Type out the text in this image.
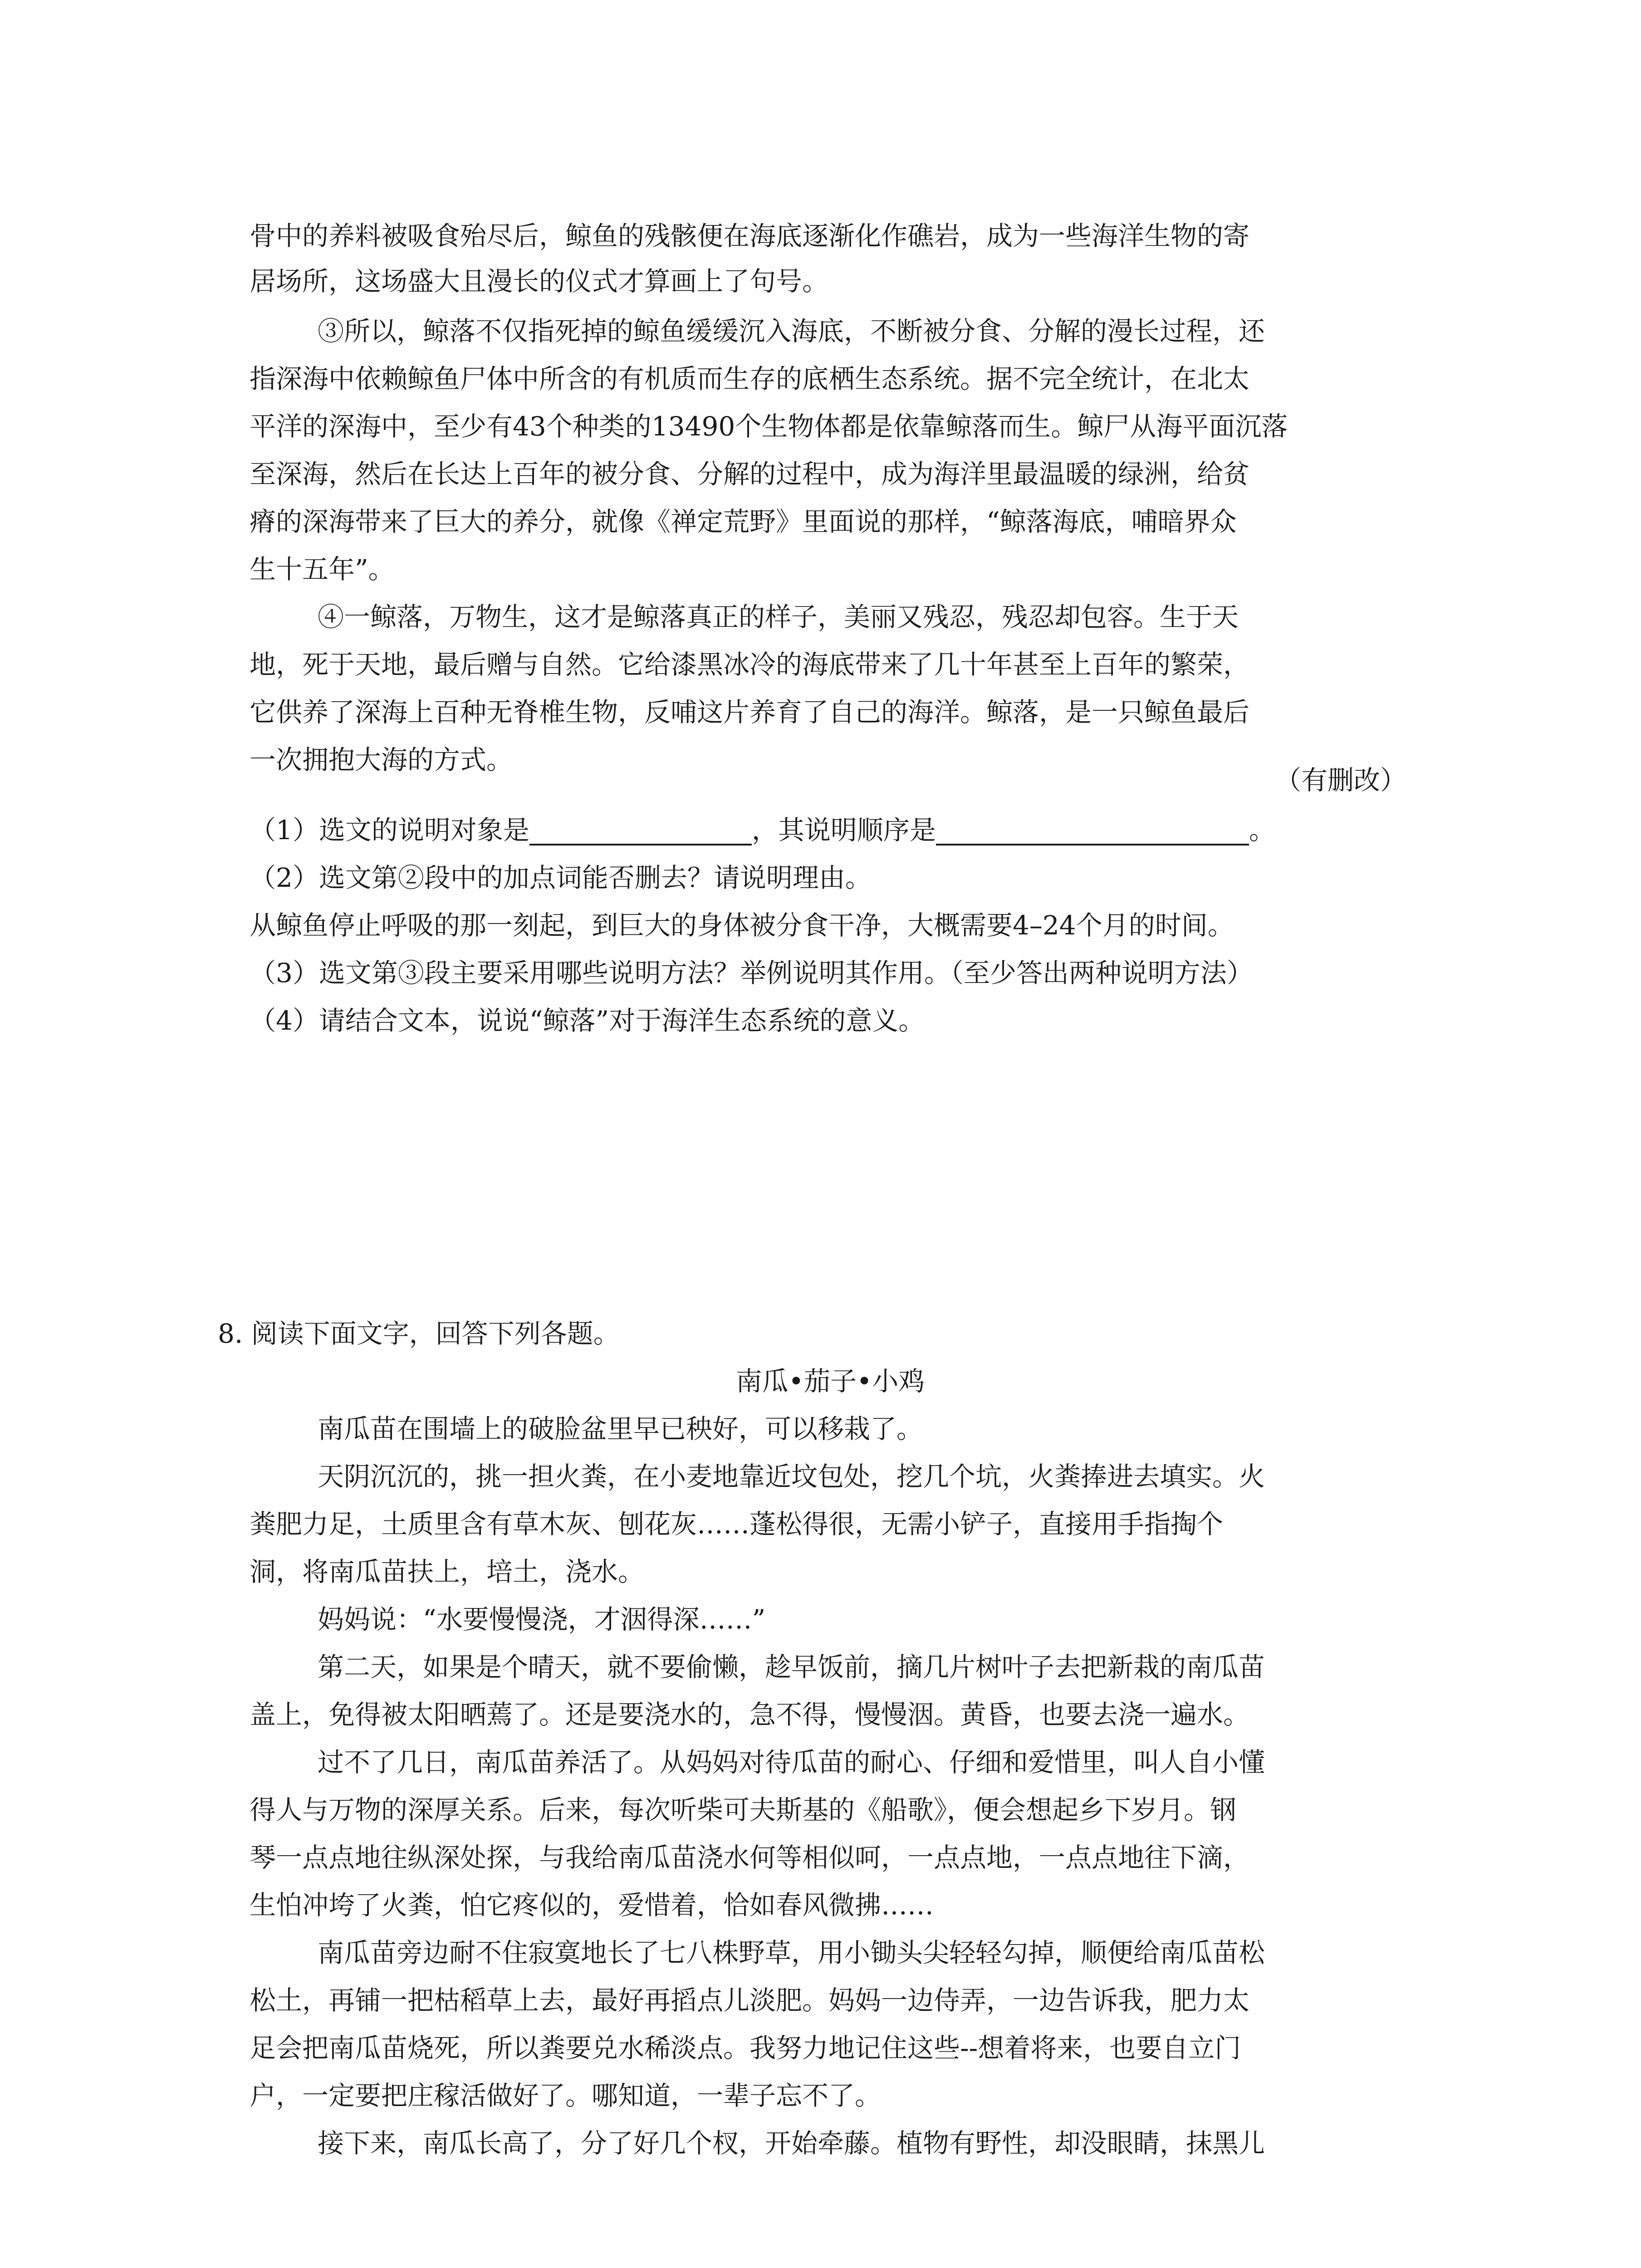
骨中的养料被吸食殆尽后，鲸鱼的残骸便在海底逐渐化作礁岩，成为一些海洋生物的寄
居场所，这场盛大且漫长的仪式才算画上了句号。
③所以，鲸落不仅指死掉的鲸鱼缓缓沉入海底，不断被分食、分解的漫长过程，还
指深海中依赖鲸鱼尸体中所含的有机质而生存的底栖生态系统。据不完全统计，在北太
平洋的深海中，至少有43个种类的13490个生物体都是依靠鲸落而生。鲸尸从海平面沉落
至深海，然后在长达上百年的被分食、分解的过程中，成为海洋里最温暖的绿洲，给贫
瘠的深海带来了巨大的养分，就像《禅定荒野》里面说的那样，“鲸落海底，哺暗界众
生十五年”。
④一鲸落，万物生，这才是鲸落真正的样子，美丽又残忍，残忍却包容。生于天
地，死于天地，最后赠与自然。它给漆黑冰冷的海底带来了几十年甚至上百年的繁荣，
它供养了深海上百种无脊椎生物，反哺这片养育了自己的海洋。鲸落，是一只鲸鱼最后
一次拥抱大海的方式。
（有删改）
（1）选文的说明对象是	，其说明顺序是	。
（2）选文第②段中的加点词能否删去？请说明理由。
从鲸鱼停止呼吸的那一刻起，到巨大的身体被分食干净，大概需要4–24个月的时间。
（3）选文第③段主要采用哪些说明方法？举例说明其作用。（至少答出两种说明方法）
（4）请结合文本，说说“鲸落”对于海洋生态系统的意义。
8. 阅读下面文字，回答下列各题。
南瓜•茄子•小鸡
南瓜苗在围墙上的破脸盆里早已秧好，可以移栽了。
天阴沉沉的，挑一担火粪，在小麦地靠近坟包处，挖几个坑，火粪捧进去填实。火
粪肥力足，土质里含有草木灰、刨花灰……蓬松得很，无需小铲子，直接用手指掏个
洞，将南瓜苗扶上，培土，浇水。
妈妈说：“水要慢慢浇，才洇得深……”
第二天，如果是个晴天，就不要偷懒，趁早饭前，摘几片树叶子去把新栽的南瓜苗
盖上，免得被太阳晒蔫了。还是要浇水的，急不得，慢慢洇。黄昏，也要去浇一遍水。
过不了几日，南瓜苗养活了。从妈妈对待瓜苗的耐心、仔细和爱惜里，叫人自小懂
得人与万物的深厚关系。后来，每次听柴可夫斯基的《船歌》，便会想起乡下岁月。钢
琴一点点地往纵深处探，与我给南瓜苗浇水何等相似呵，一点点地，一点点地往下滴，
生怕冲垮了火粪，怕它疼似的，爱惜着，恰如春风微拂……
南瓜苗旁边耐不住寂寞地长了七八株野草，用小锄头尖轻轻勾掉，顺便给南瓜苗松
松土，再铺一把枯稻草上去，最好再搯点儿淡肥。妈妈一边侍弄，一边告诉我，肥力太
足会把南瓜苗烧死，所以粪要兑水稀淡点。我努力地记住这些--想着将来，也要自立门
户，一定要把庄稼活做好了。哪知道，一辈子忘不了。
接下来，南瓜长高了，分了好几个杈，开始牵藤。植物有野性，却没眼睛，抹黑儿
